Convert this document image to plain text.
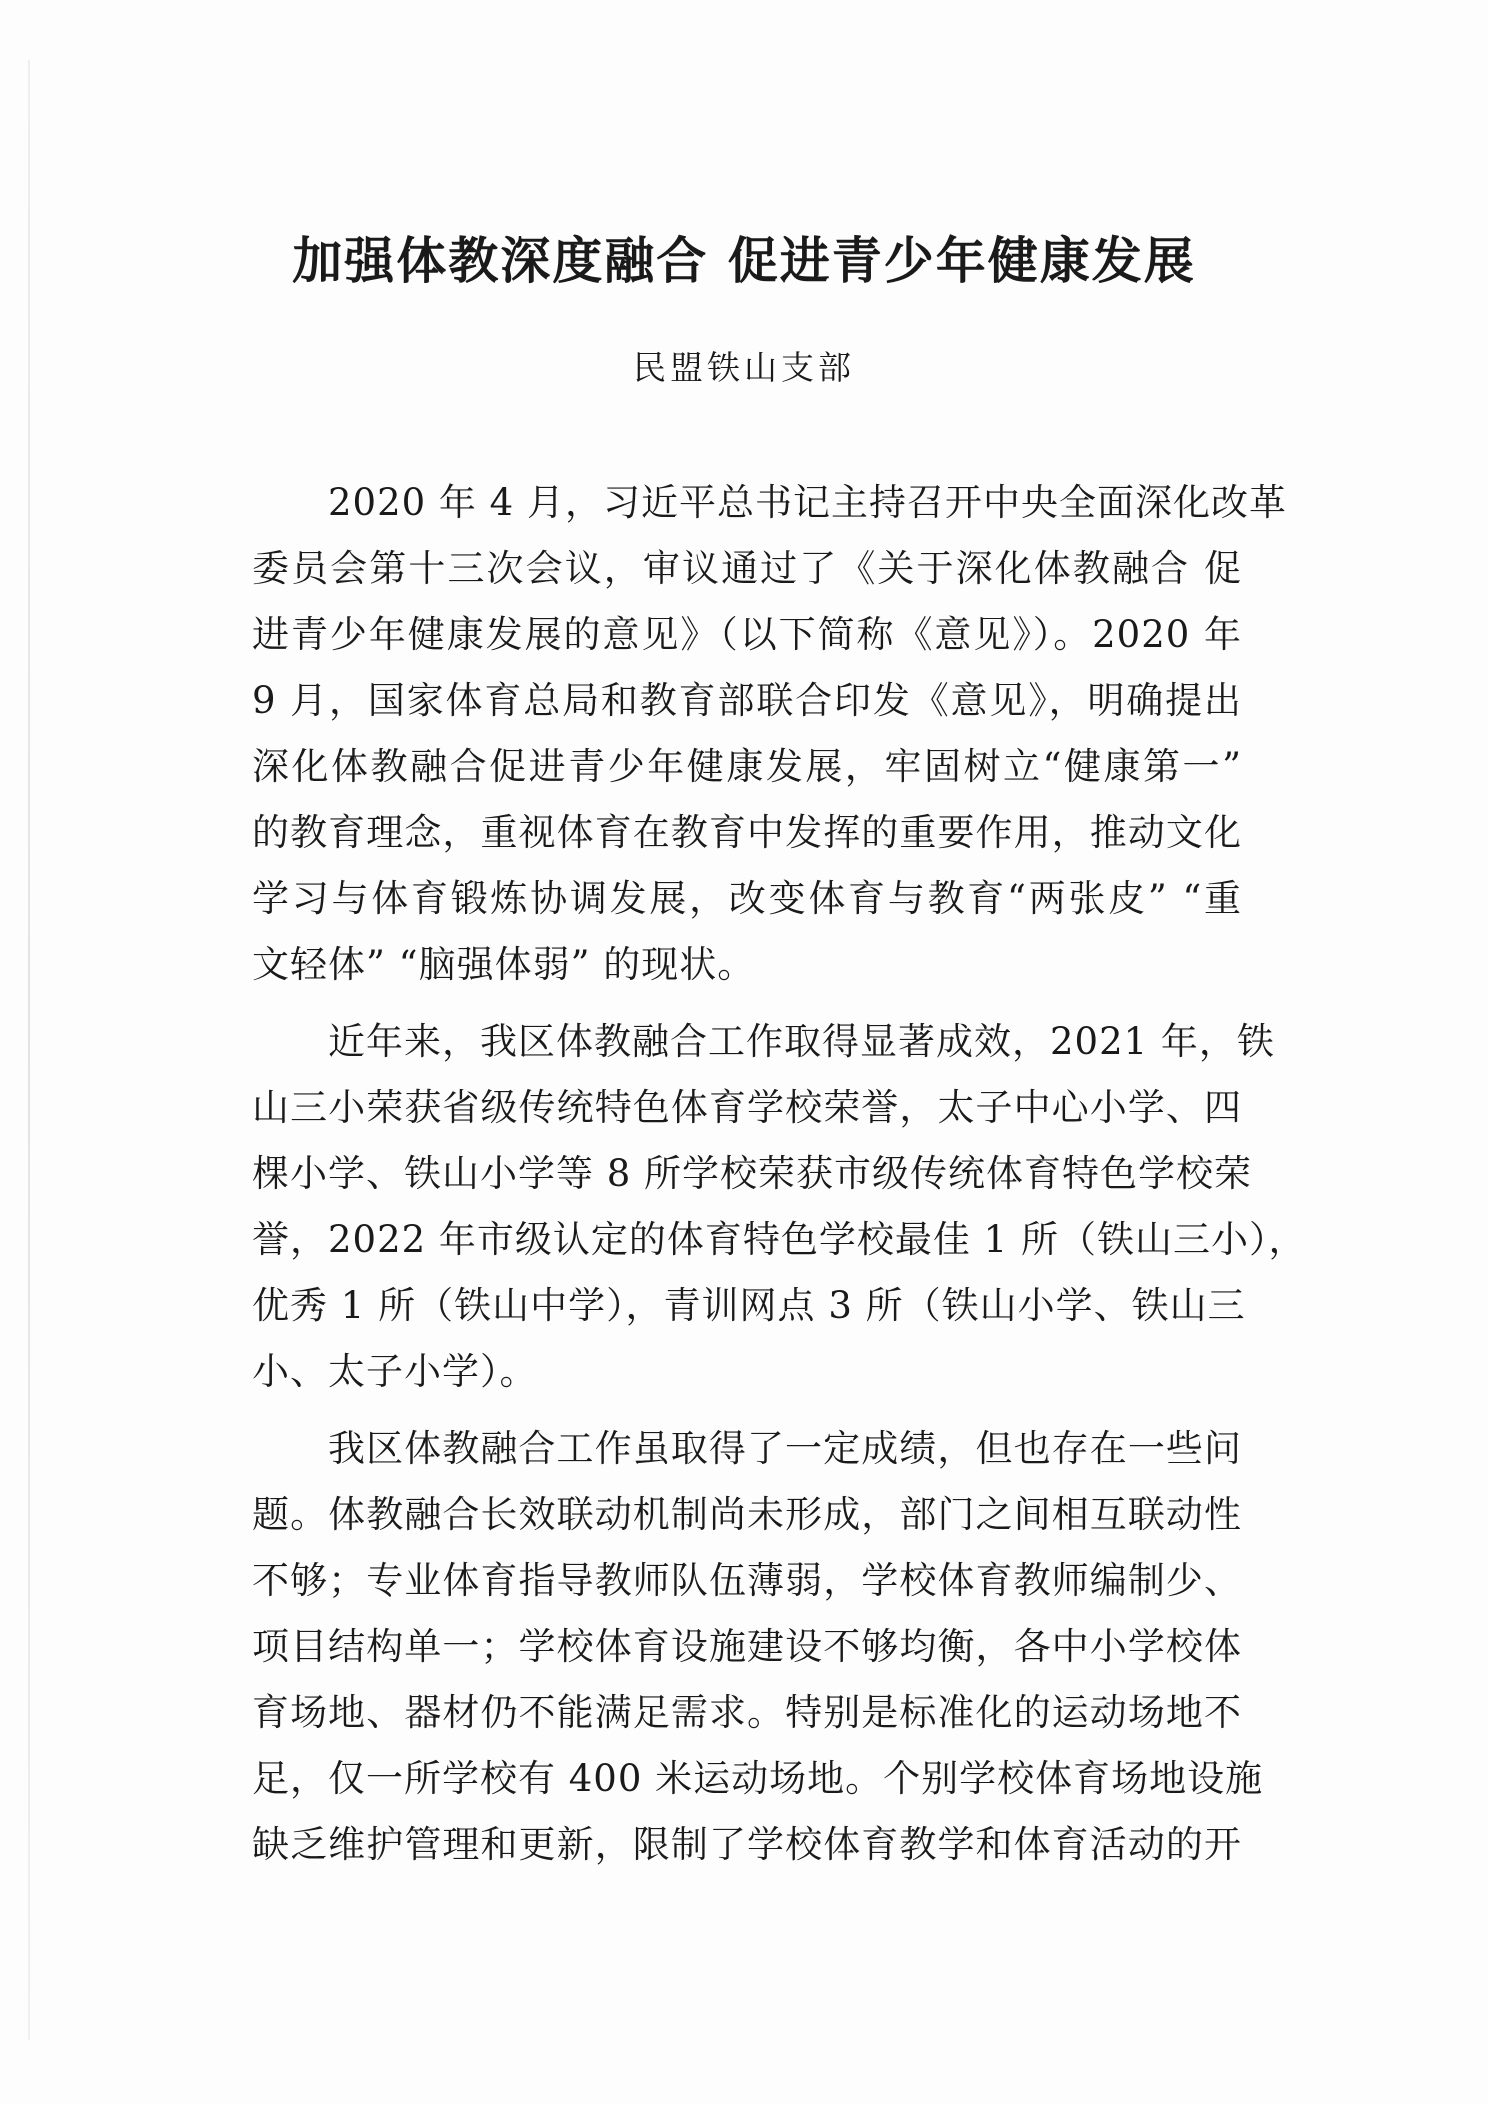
加强体教深度融合 促进青少年健康发展
民盟铁山支部
2020 年 4 月，习近平总书记主持召开中央全面深化改革
委员会第十三次会议，审议通过了《关于深化体教融合 促
进青少年健康发展的意见》（以下简称《意见》）。2020 年
9 月，国家体育总局和教育部联合印发《意见》，明确提出
深化体教融合促进青少年健康发展，牢固树立“健康第一”
的教育理念，重视体育在教育中发挥的重要作用，推动文化
学习与体育锻炼协调发展，改变体育与教育“两张皮” “重
文轻体” “脑强体弱” 的现状。
近年来，我区体教融合工作取得显著成效，2021 年，铁
山三小荣获省级传统特色体育学校荣誉，太子中心小学、四
棵小学、铁山小学等 8 所学校荣获市级传统体育特色学校荣
誉，2022 年市级认定的体育特色学校最佳 1 所（铁山三小），
优秀 1 所（铁山中学），青训网点 3 所（铁山小学、铁山三
小、太子小学）。
我区体教融合工作虽取得了一定成绩，但也存在一些问
题。体教融合长效联动机制尚未形成，部门之间相互联动性
不够；专业体育指导教师队伍薄弱，学校体育教师编制少、
项目结构单一；学校体育设施建设不够均衡，各中小学校体
育场地、器材仍不能满足需求。特别是标准化的运动场地不
足，仅一所学校有 400 米运动场地。个别学校体育场地设施
缺乏维护管理和更新，限制了学校体育教学和体育活动的开
